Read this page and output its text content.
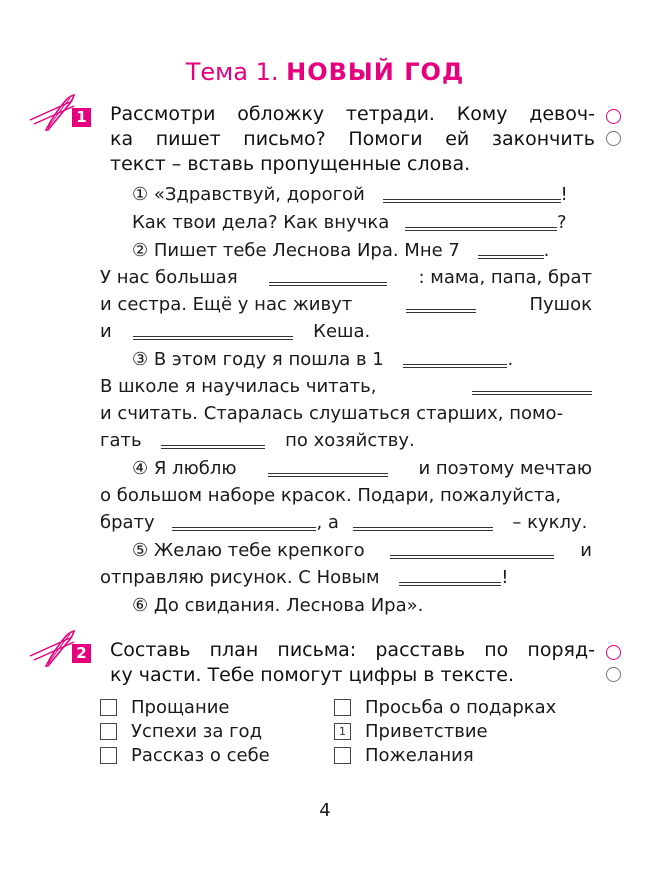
Тема 1. НОВЫЙ ГОД
1 Рассмотри обложку тетради. Кому девоч-
ка пишет письмо? Помоги ей закончить
текст – вставь пропущенные слова.
① «Здравствуй, дорогой	!
Как твои дела? Как внучка	?
② Пишет тебе Леснова Ира. Мне 7	.
У нас большая	: мама, папа, брат
и сестра. Ещё у нас живут	Пушок
и	Кеша.
③ В этом году я пошла в 1	.
В школе я научилась читать,
и считать. Старалась слушаться старших, помо-
гать	по хозяйству.
④ Я люблю	и поэтому мечтаю
о большом наборе красок. Подари, пожалуйста,
брату	, а	– куклу.
⑤ Желаю тебе крепкого	и
отправляю рисунок. С Новым	!
⑥ До свидания. Леснова Ира».
2 Составь план письма: расставь по поряд-
ку части. Тебе помогут цифры в тексте.
Прощание
Успехи за год
Рассказ о себе
Просьба о подарках
1 Приветствие
Пожелания
4
